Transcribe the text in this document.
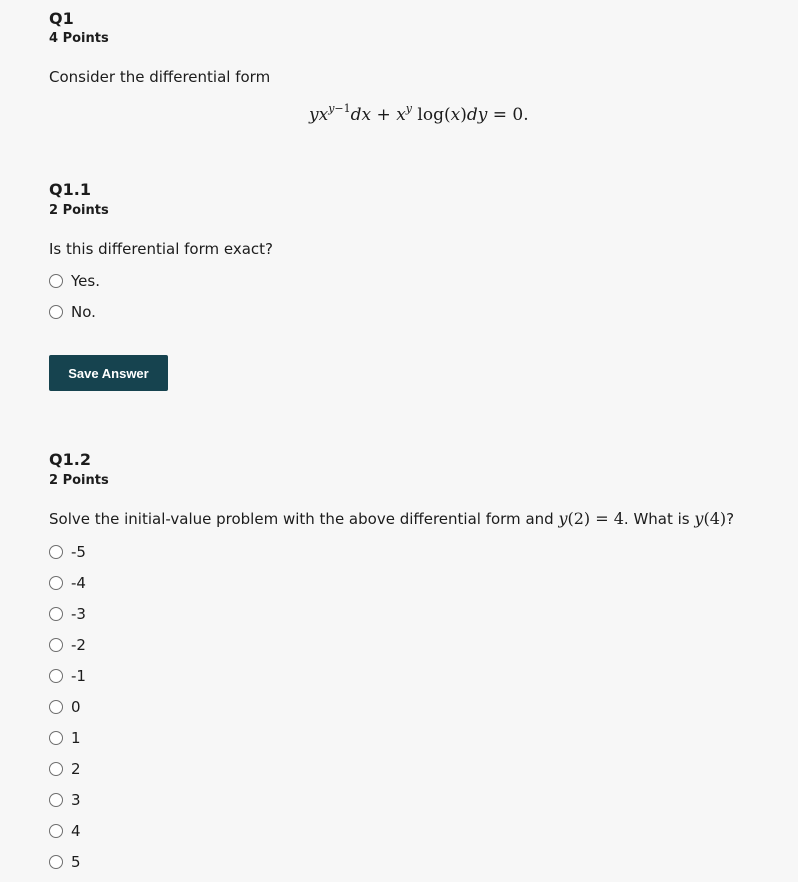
Q1
4 Points
Consider the differential form
$yx^{y-1}dx + x^y$ log(x)dy = 0.
Q1.1
2 Points
Is this differential form exact?
Yes.
No.
Save Answer
Q1.2
2 Points
Solve the initial-value problem with the above differential form and y(2) = 4. What is y(4)?
-5
-4
-3
-2
-1
0
1
2
3
4
5
